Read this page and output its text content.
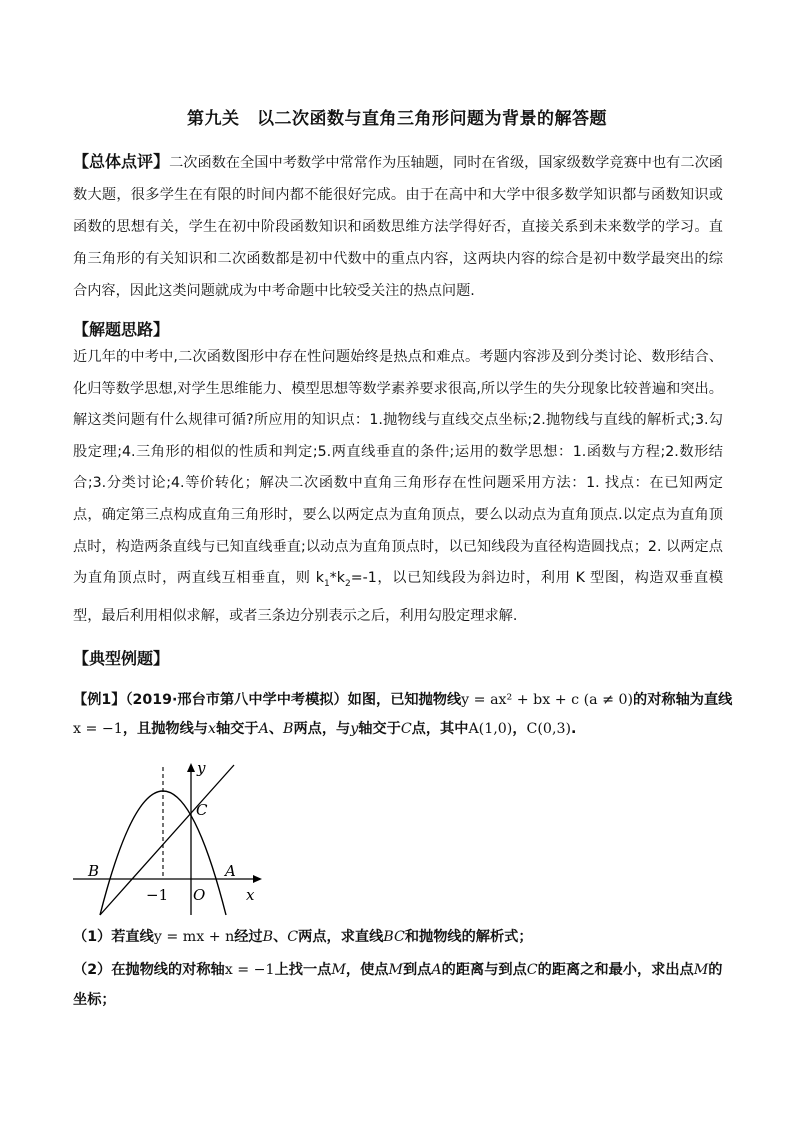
第九关　以二次函数与直角三角形问题为背景的解答题
【总体点评】二次函数在全国中考数学中常常作为压轴题，同时在省级，国家级数学竞赛中也有二次函数大题，很多学生在有限的时间内都不能很好完成。由于在高中和大学中很多数学知识都与函数知识或函数的思想有关，学生在初中阶段函数知识和函数思维方法学得好否，直接关系到未来数学的学习。直角三角形的有关知识和二次函数都是初中代数中的重点内容，这两块内容的综合是初中数学最突出的综合内容，因此这类问题就成为中考命题中比较受关注的热点问题.
【解题思路】
近几年的中考中,二次函数图形中存在性问题始终是热点和难点。考题内容涉及到分类讨论、数形结合、化归等数学思想,对学生思维能力、模型思想等数学素养要求很高,所以学生的失分现象比较普遍和突出。解这类问题有什么规律可循?所应用的知识点：1.抛物线与直线交点坐标;2.抛物线与直线的解析式;3.勾股定理;4.三角形的相似的性质和判定;5.两直线垂直的条件;运用的数学思想：1.函数与方程;2.数形结合;3.分类讨论;4.等价转化；解决二次函数中直角三角形存在性问题采用方法：1. 找点：在已知两定点，确定第三点构成直角三角形时，要么以两定点为直角顶点，要么以动点为直角顶点.以定点为直角顶点时，构造两条直线与已知直线垂直;以动点为直角顶点时，以已知线段为直径构造圆找点；2. 以两定点为直角顶点时，两直线互相垂直，则 $k_1*k_2=-1$，以已知线段为斜边时，利用 K 型图，构造双垂直模型，最后利用相似求解，或者三条边分别表示之后，利用勾股定理求解.
【典型例题】
【例1】（2019·邢台市第八中学中考模拟）如图，已知抛物线y = ax² + bx + c (a ≠ 0)的对称轴为直线x = −1，且抛物线与x轴交于A、B两点，与y轴交于C点，其中A(1,0)，C(0,3).
y
C
B	A
O	x
−1
（1）若直线y = mx + n经过B、C两点，求直线BC和抛物线的解析式；
（2）在抛物线的对称轴x = −1上找一点M，使点M到点A的距离与到点C的距离之和最小，求出点M的坐标；
